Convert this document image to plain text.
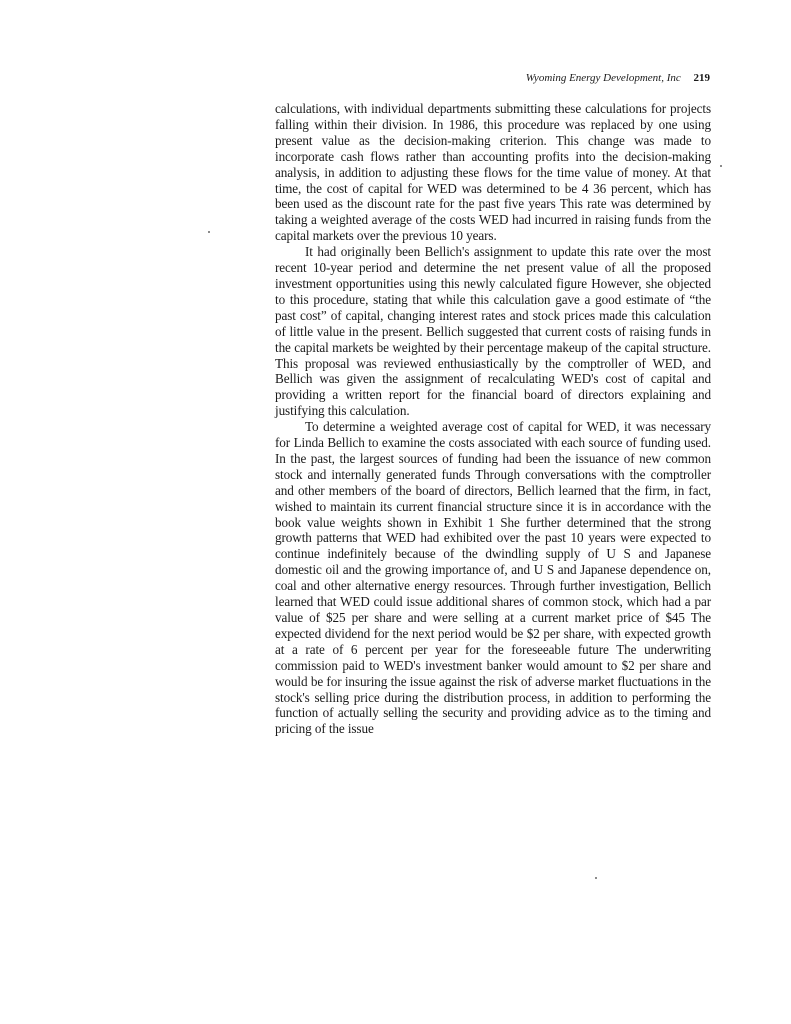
Wyoming Energy Development, Inc 219

calculations, with individual departments submitting these calculations for projects falling within their division. In 1986, this procedure was replaced by one using present value as the decision-making criterion. This change was made to incorporate cash flows rather than accounting profits into the decision-making analysis, in addition to adjusting these flows for the time value of money. At that time, the cost of capital for WED was determined to be 4 36 percent, which has been used as the discount rate for the past five years This rate was determined by taking a weighted average of the costs WED had incurred in raising funds from the capital markets over the previous 10 years.

It had originally been Bellich's assignment to update this rate over the most recent 10-year period and determine the net present value of all the proposed investment opportunities using this newly calculated figure However, she objected to this procedure, stating that while this calculation gave a good estimate of “the past cost” of capital, changing interest rates and stock prices made this calculation of little value in the present. Bellich suggested that current costs of raising funds in the capital markets be weighted by their percentage makeup of the capital structure. This proposal was reviewed enthusiastically by the comptroller of WED, and Bellich was given the assignment of recalculating WED's cost of capital and providing a written report for the financial board of directors explaining and justifying this calculation.

To determine a weighted average cost of capital for WED, it was necessary for Linda Bellich to examine the costs associated with each source of funding used. In the past, the largest sources of funding had been the issuance of new common stock and internally generated funds Through conversations with the comptroller and other members of the board of directors, Bellich learned that the firm, in fact, wished to maintain its current financial structure since it is in accordance with the book value weights shown in Exhibit 1 She further determined that the strong growth patterns that WED had exhibited over the past 10 years were expected to continue indefinitely because of the dwindling supply of U S and Japanese domestic oil and the growing importance of, and U S and Japanese dependence on, coal and other alternative energy resources. Through further investigation, Bellich learned that WED could issue additional shares of common stock, which had a par value of $25 per share and were selling at a current market price of $45 The expected dividend for the next period would be $2 per share, with expected growth at a rate of 6 percent per year for the foreseeable future The underwriting commission paid to WED's investment banker would amount to $2 per share and would be for insuring the issue against the risk of adverse market fluctuations in the stock's selling price during the distribution process, in addition to performing the function of actually selling the security and providing advice as to the timing and pricing of the issue
